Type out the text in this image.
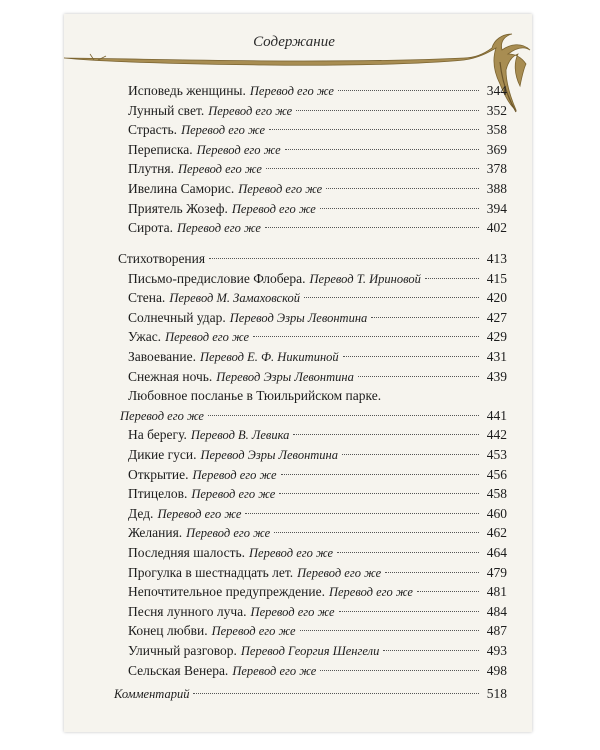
Содержание
Исповедь женщины. Перевод его же	344
Лунный свет. Перевод его же	352
Страсть. Перевод его же	358
Переписка. Перевод его же	369
Плутня. Перевод его же	378
Ивелина Саморис. Перевод его же	388
Приятель Жозеф. Перевод его же	394
Сирота. Перевод его же	402
Стихотворения	413
Письмо-предисловие Флобера. Перевод Т. Ириновой	415
Стена. Перевод М. Замаховской	420
Солнечный удар. Перевод Эзры Левонтина	427
Ужас. Перевод его же	429
Завоевание. Перевод Е. Ф. Никитиной	431
Снежная ночь. Перевод Эзры Левонтина	439
Любовное посланье в Тюильрийском парке.
Перевод его же	441
На берегу. Перевод В. Левика	442
Дикие гуси. Перевод Эзры Левонтина	453
Открытие. Перевод его же	456
Птицелов. Перевод его же	458
Дед. Перевод его же	460
Желания. Перевод его же	462
Последняя шалость. Перевод его же	464
Прогулка в шестнадцать лет. Перевод его же	479
Непочтительное предупреждение. Перевод его же	481
Песня лунного луча. Перевод его же	484
Конец любви. Перевод его же	487
Уличный разговор. Перевод Георгия Шенгели	493
Сельская Венера. Перевод его же	498
Комментарий	518
